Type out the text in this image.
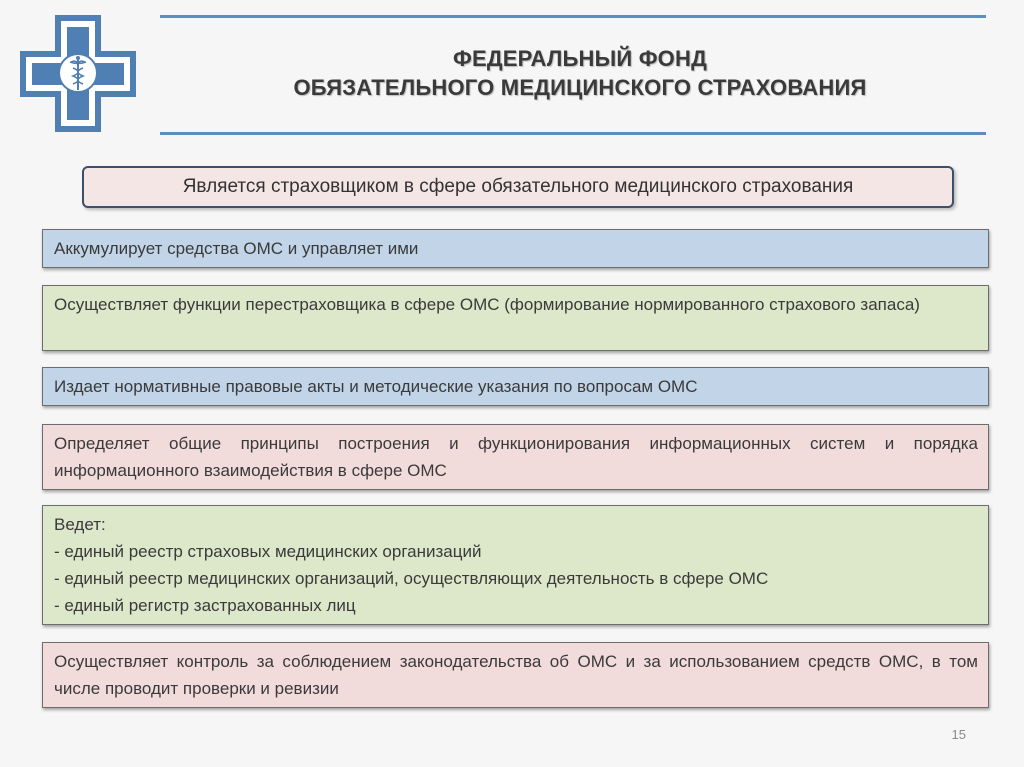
ФЕДЕРАЛЬНЫЙ ФОНД
ОБЯЗАТЕЛЬНОГО МЕДИЦИНСКОГО СТРАХОВАНИЯ
Является страховщиком в сфере обязательного медицинского страхования
Аккумулирует средства ОМС и управляет ими
Осуществляет функции перестраховщика в сфере ОМС (формирование нормированного страхового запаса)
Издает нормативные правовые акты и методические указания по вопросам ОМС
Определяет общие принципы построения и функционирования информационных систем и порядка информационного взаимодействия в сфере ОМС
Ведет:
- единый реестр страховых медицинских организаций
- единый реестр медицинских организаций, осуществляющих деятельность в сфере ОМС
- единый регистр застрахованных лиц
Осуществляет контроль за соблюдением законодательства об ОМС и за использованием средств ОМС, в том числе проводит проверки и ревизии
15
